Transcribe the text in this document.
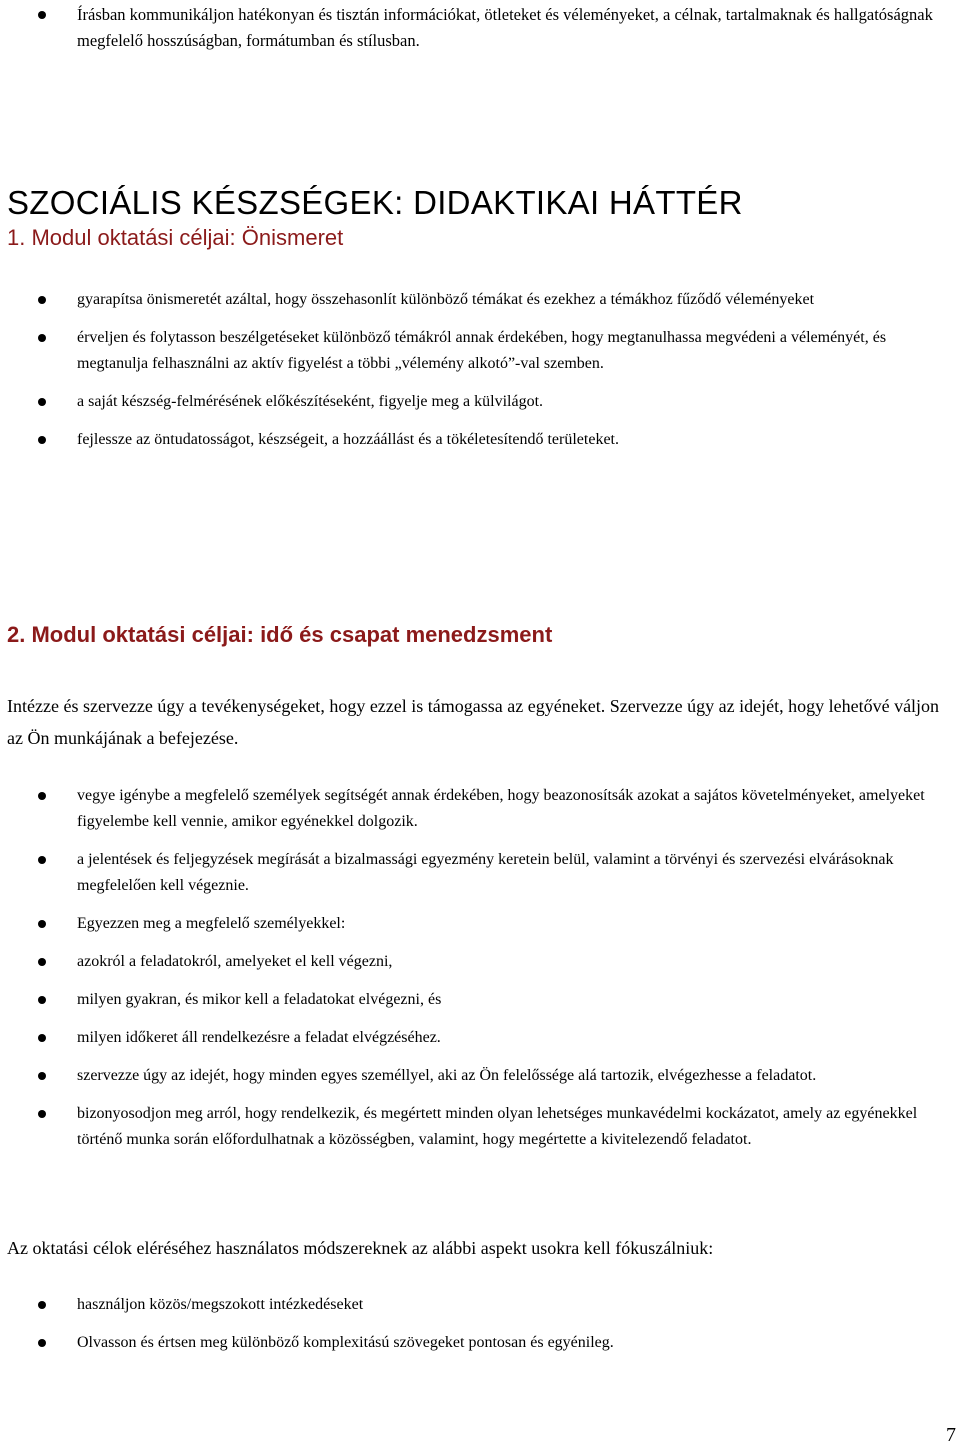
Írásban kommunikáljon hatékonyan és tisztán információkat, ötleteket és véleményeket, a célnak, tartalmaknak és hallgatóságnak megfelelő hosszúságban, formátumban és stílusban.
SZOCIÁLIS KÉSZSÉGEK: DIDAKTIKAI HÁTTÉR
1. Modul oktatási céljai: Önismeret
gyarapítsa önismeretét azáltal, hogy összehasonlít különböző témákat és ezekhez a témákhoz fűződő véleményeket
érveljen és folytasson beszélgetéseket különböző témákról annak érdekében, hogy megtanulhassa megvédeni a véleményét, és megtanulja felhasználni az aktív figyelést a többi „vélemény alkotó”-val szemben.
a saját készség-felmérésének előkészítéseként, figyelje meg a külvilágot.
fejlessze az öntudatosságot, készségeit, a hozzáállást és a tökéletesítendő területeket.
2. Modul oktatási céljai: idő és csapat menedzsment

Intézze és szervezze úgy a tevékenységeket, hogy ezzel is támogassa az egyéneket. Szervezze úgy az idejét, hogy lehetővé váljon az Ön munkájának a befejezése.

vegye igénybe a megfelelő személyek segítségét annak érdekében, hogy beazonosítsák azokat a sajátos követelményeket, amelyeket figyelembe kell vennie, amikor egyénekkel dolgozik.
a jelentések és feljegyzések megírását a bizalmassági egyezmény keretein belül, valamint a törvényi és szervezési elvárásoknak megfelelően kell végeznie.
Egyezzen meg a megfelelő személyekkel:
azokról a feladatokról, amelyeket el kell végezni,
milyen gyakran, és mikor kell a feladatokat elvégezni, és
milyen időkeret áll rendelkezésre a feladat elvégzéséhez.
szervezze úgy az idejét, hogy minden egyes személlyel, aki az Ön felelőssége alá tartozik, elvégezhesse a feladatot.
bizonyosodjon meg arról, hogy rendelkezik, és megértett minden olyan lehetséges munkavédelmi kockázatot, amely az egyénekkel történő munka során előfordulhatnak a közösségben, valamint, hogy megértette a kivitelezendő feladatot.

Az oktatási célok eléréséhez használatos módszereknek az alábbi aspekt usokra kell fókuszálniuk:

használjon közös/megszokott intézkedéseket
Olvasson és értsen meg különböző komplexitású szövegeket pontosan és egyénileg.
7
